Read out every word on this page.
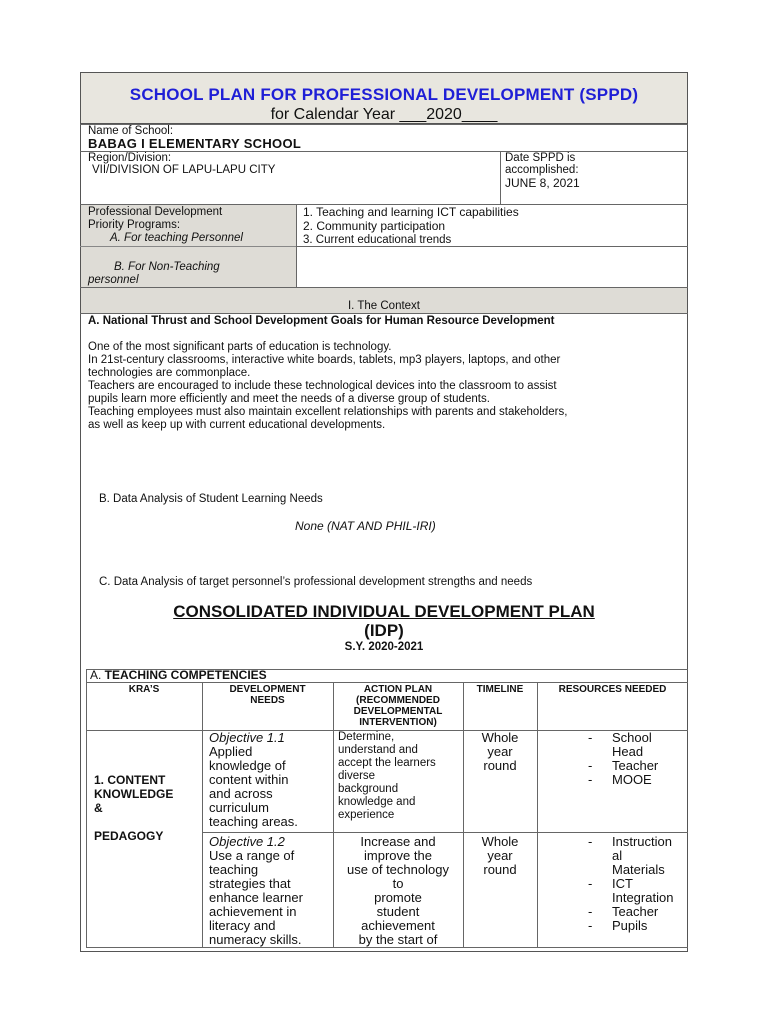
SCHOOL PLAN FOR PROFESSIONAL DEVELOPMENT (SPPD)
for Calendar Year ___2020____
Name of School:
BABAG I ELEMENTARY SCHOOL
Region/Division:
VII/DIVISION OF LAPU-LAPU CITY
Date SPPD is
accomplished:
JUNE 8, 2021
Professional Development
Priority Programs:
A. For teaching Personnel
1. Teaching and learning ICT capabilities
2. Community participation
3. Current educational trends
B. For Non-Teaching
personnel
I. The Context
A. National Thrust and School Development Goals for Human Resource Development
One of the most significant parts of education is technology.
In 21st-century classrooms, interactive white boards, tablets, mp3 players, laptops, and other
technologies are commonplace.
Teachers are encouraged to include these technological devices into the classroom to assist
pupils learn more efficiently and meet the needs of a diverse group of students.
Teaching employees must also maintain excellent relationships with parents and stakeholders,
as well as keep up with current educational developments.
B. Data Analysis of Student Learning Needs
None (NAT AND PHIL-IRI)
C. Data Analysis of target personnel’s professional development strengths and needs
CONSOLIDATED INDIVIDUAL DEVELOPMENT PLAN
(IDP)
S.Y. 2020-2021
A. TEACHING COMPETENCIES
KRA’S	DEVELOPMENT
NEEDS
ACTION PLAN
(RECOMMENDED
DEVELOPMENTAL
INTERVENTION)
TIMELINE	RESOURCES NEEDED
1. CONTENT
KNOWLEDGE
&
PEDAGOGY
Objective 1.1
Applied
knowledge of
content within
and across
curriculum
teaching areas.
Determine,
understand and
accept the learners
diverse
background
knowledge and
experience
Whole
year
round
- School
Head
- Teacher
- MOOE
Objective 1.2
Use a range of
teaching
strategies that
enhance learner
achievement in
literacy and
numeracy skills.
Increase and
improve the
use of technology
to
promote
student
achievement
by the start of
Whole
year
round
- Instruction
al
Materials
- ICT
Integration
- Teacher
- Pupils
